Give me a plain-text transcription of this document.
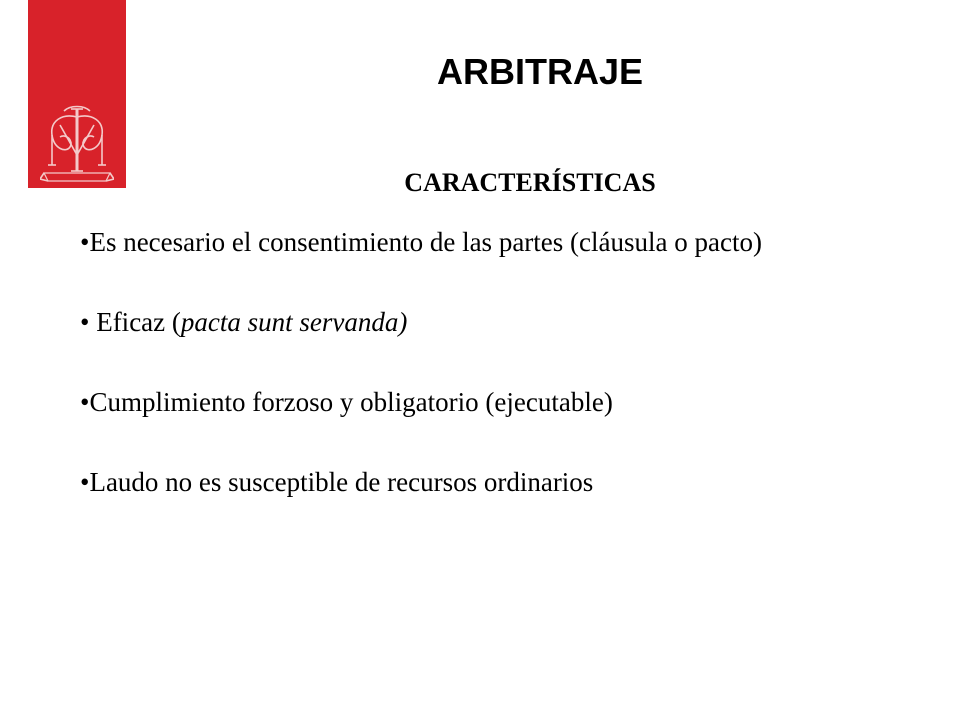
ARBITRAJE
CARACTERÍSTICAS
•Es necesario el consentimiento de las partes (cláusula o pacto)
• Eficaz (pacta sunt servanda)
•Cumplimiento forzoso y obligatorio (ejecutable)
•Laudo no es susceptible de recursos ordinarios
